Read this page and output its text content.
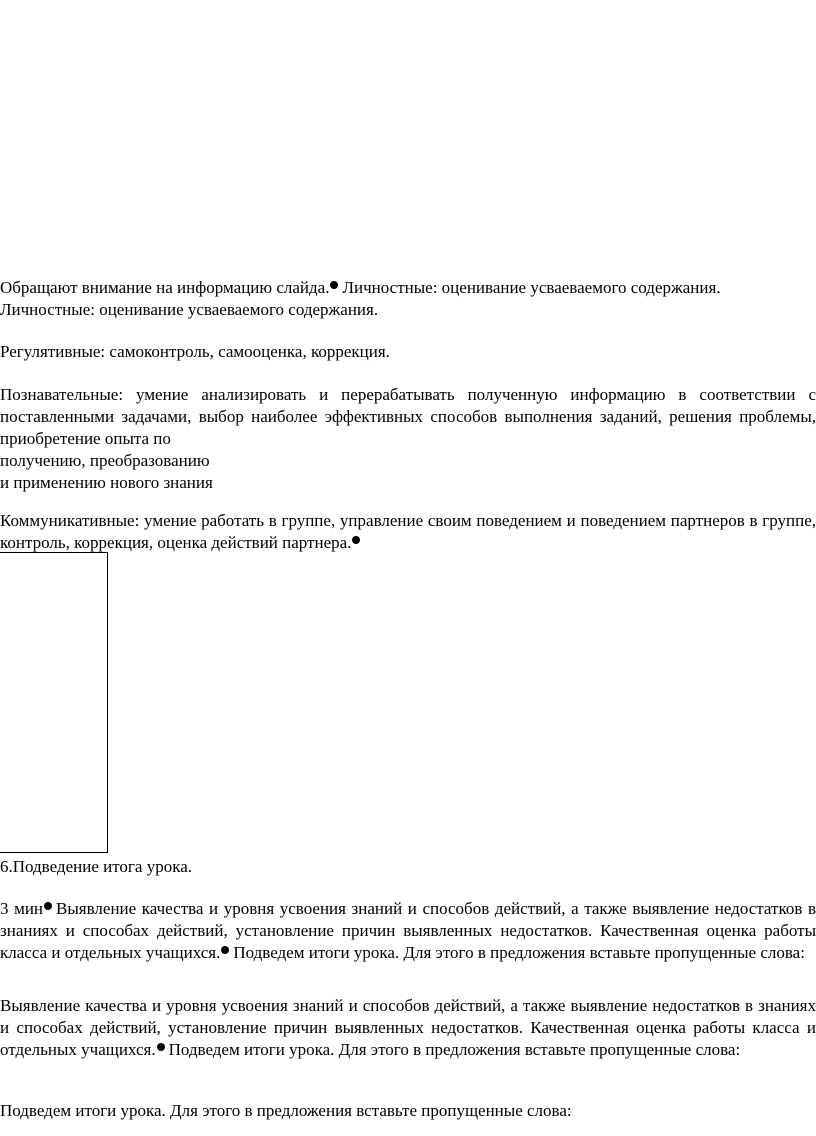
Обращают внимание на информацию слайда. Личностные: оценивание усваеваемого содержания.
Личностные: оценивание усваеваемого содержания.

Регулятивные: самоконтроль, самооценка, коррекция.

Познавательные: умение анализировать и перерабатывать полученную информацию в соответствии с поставленными задачами, выбор наиболее эффективных способов выполнения заданий, решения проблемы, приобретение опыта по
получению, преобразованию
и применению нового знания

Коммуникативные: умение работать в группе, управление своим поведением и поведением партнеров в группе, контроль, коррекция, оценка действий партнера.

6.Подведение итога урока.

3 мин Выявление качества и уровня усвоения знаний и способов действий, а также выявление недостатков в знаниях и способах действий, установление причин выявленных недостатков. Качественная оценка работы класса и отдельных учащихся. Подведем итоги урока. Для этого в предложения вставьте пропущенные слова:

Выявление качества и уровня усвоения знаний и способов действий, а также выявление недостатков в знаниях и способах действий, установление причин выявленных недостатков. Качественная оценка работы класса и отдельных учащихся. Подведем итоги урока. Для этого в предложения вставьте пропущенные слова:

Подведем итоги урока. Для этого в предложения вставьте пропущенные слова:
